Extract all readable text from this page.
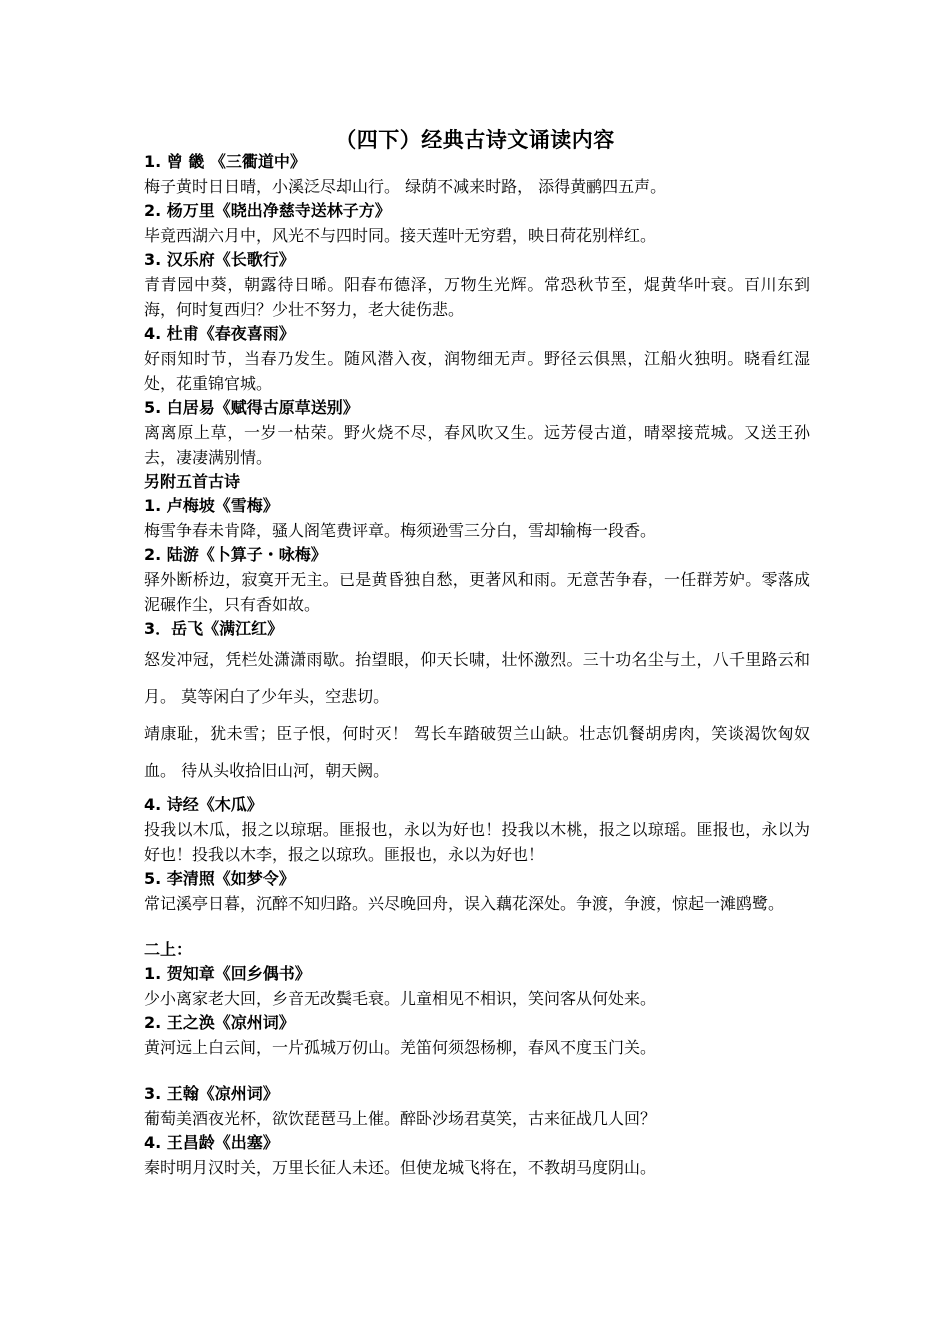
（四下）经典古诗文诵读内容
1. 曾 畿 《三衢道中》
梅子黄时日日晴，小溪泛尽却山行。 绿荫不减来时路， 添得黄鹂四五声。
2. 杨万里《晓出净慈寺送林子方》
毕竟西湖六月中，风光不与四时同。接天莲叶无穷碧，映日荷花别样红。
3. 汉乐府《长歌行》
青青园中葵，朝露待日晞。阳春布德泽，万物生光辉。常恐秋节至，焜黄华叶衰。百川东到海，何时复西归？少壮不努力，老大徒伤悲。
4. 杜甫《春夜喜雨》
好雨知时节，当春乃发生。随风潜入夜，润物细无声。野径云俱黑，江船火独明。晓看红湿处，花重锦官城。
5. 白居易《赋得古原草送别》
离离原上草，一岁一枯荣。野火烧不尽，春风吹又生。远芳侵古道，晴翠接荒城。又送王孙去，凄凄满别情。
另附五首古诗
1. 卢梅坡《雪梅》
梅雪争春未肯降，骚人阁笔费评章。梅须逊雪三分白，雪却输梅一段香。
2. 陆游《卜算子・咏梅》
驿外断桥边，寂寞开无主。已是黄昏独自愁，更著风和雨。无意苦争春，一任群芳妒。零落成泥碾作尘，只有香如故。
3．岳飞《满江红》
怒发冲冠，凭栏处潇潇雨歇。抬望眼，仰天长啸，壮怀激烈。三十功名尘与土，八千里路云和月。 莫等闲白了少年头，空悲切。
靖康耻，犹未雪；臣子恨，何时灭！ 驾长车踏破贺兰山缺。壮志饥餐胡虏肉，笑谈渴饮匈奴血。 待从头收拾旧山河，朝天阙。
4. 诗经《木瓜》
投我以木瓜，报之以琼琚。匪报也，永以为好也！投我以木桃，报之以琼瑶。匪报也，永以为好也！投我以木李，报之以琼玖。匪报也，永以为好也！
5. 李清照《如梦令》
常记溪亭日暮，沉醉不知归路。兴尽晚回舟，误入藕花深处。争渡，争渡，惊起一滩鸥鹭。
二上：
1. 贺知章《回乡偶书》
少小离家老大回，乡音无改鬓毛衰。儿童相见不相识，笑问客从何处来。
2. 王之涣《凉州词》
黄河远上白云间，一片孤城万仞山。羌笛何须怨杨柳，春风不度玉门关。
3. 王翰《凉州词》
葡萄美酒夜光杯，欲饮琵琶马上催。醉卧沙场君莫笑，古来征战几人回？
4. 王昌龄《出塞》
秦时明月汉时关，万里长征人未还。但使龙城飞将在，不教胡马度阴山。
